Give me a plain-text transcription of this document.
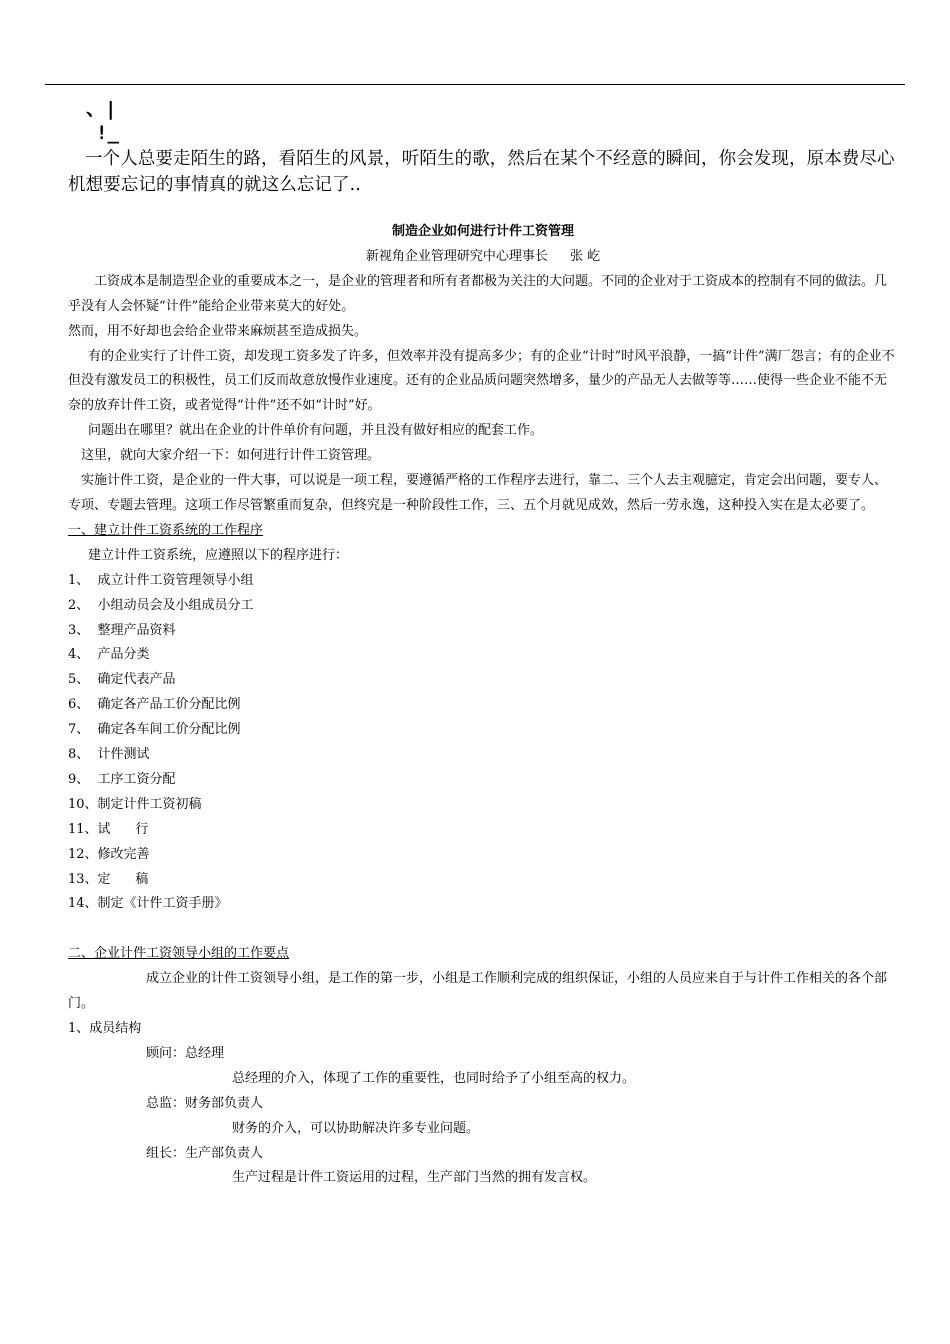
、|
!_

一个人总要走陌生的路，看陌生的风景，听陌生的歌，然后在某个不经意的瞬间，你会发现，原本费尽心机想要忘记的事情真的就这么忘记了..

制造企业如何进行计件工资管理

新视角企业管理研究中心理事长 张 屹

工资成本是制造型企业的重要成本之一，是企业的管理者和所有者都极为关注的大问题。不同的企业对于工资成本的控制有不同的做法。几乎没有人会怀疑“计件”能给企业带来莫大的好处。

然而，用不好却也会给企业带来麻烦甚至造成损失。

有的企业实行了计件工资，却发现工资多发了许多，但效率并没有提高多少；有的企业“计时”时风平浪静，一搞“计件”满厂怨言；有的企业不但没有激发员工的积极性，员工们反而故意放慢作业速度。还有的企业品质问题突然增多，量少的产品无人去做等等……使得一些企业不能不无奈的放弃计件工资，或者觉得“计件”还不如“计时”好。

问题出在哪里？就出在企业的计件单价有问题，并且没有做好相应的配套工作。

这里，就向大家介绍一下：如何进行计件工资管理。

实施计件工资，是企业的一件大事，可以说是一项工程，要遵循严格的工作程序去进行，靠二、三个人去主观臆定，肯定会出问题，要专人、专项、专题去管理。这项工作尽管繁重而复杂，但终究是一种阶段性工作，三、五个月就见成效，然后一劳永逸，这种投入实在是太必要了。

一、建立计件工资系统的工作程序

建立计件工资系统，应遵照以下的程序进行：

1、  成立计件工资管理领导小组

2、  小组动员会及小组成员分工

3、  整理产品资料

4、  产品分类

5、  确定代表产品

6、  确定各产品工价分配比例

7、  确定各车间工价分配比例

8、  计件测试

9、  工序工资分配

10、制定计件工资初稿

11、试      行

12、修改完善

13、定      稿

14、制定《计件工资手册》

二、企业计件工资领导小组的工作要点

成立企业的计件工资领导小组，是工作的第一步，小组是工作顺利完成的组织保证，小组的人员应来自于与计件工作相关的各个部门。

1、成员结构

顾问：总经理

总经理的介入，体现了工作的重要性，也同时给予了小组至高的权力。

总监：财务部负责人

财务的介入，可以协助解决许多专业问题。

组长：生产部负责人

生产过程是计件工资运用的过程，生产部门当然的拥有发言权。
